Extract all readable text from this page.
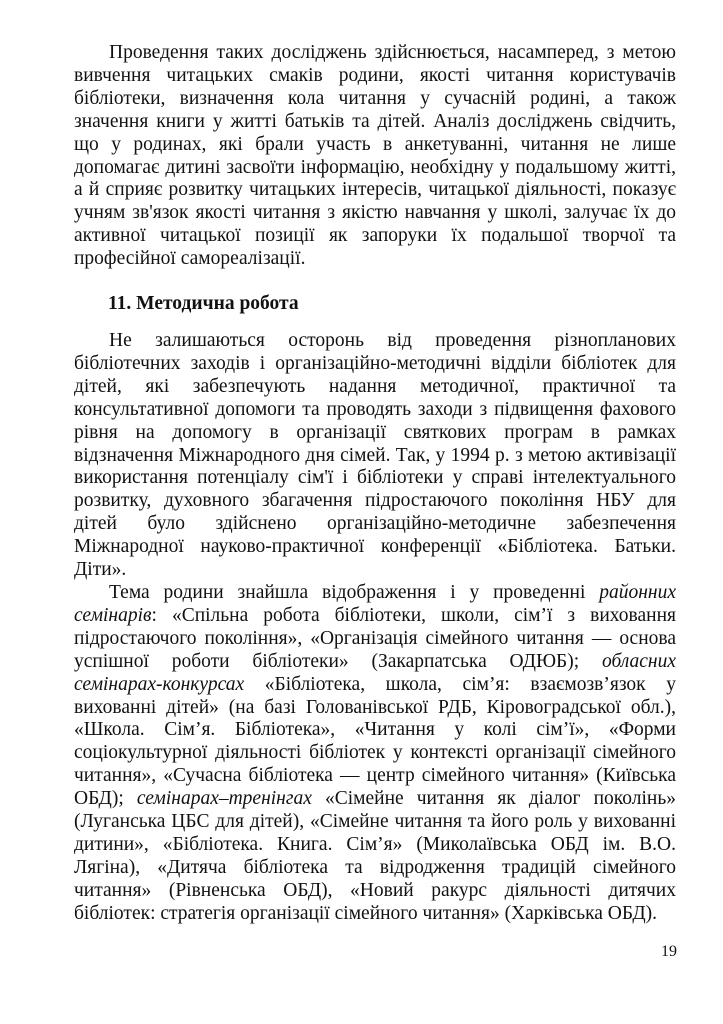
Проведення таких досліджень здійснюється, насамперед, з метою вивчення читацьких смаків родини, якості читання користувачів бібліотеки, визначення кола читання у сучасній родині, а також значення книги у житті батьків та дітей. Аналіз досліджень свідчить, що у родинах, які брали участь в анкетуванні, читання не лише допомагає дитині засвоїти інформацію, необхідну у подальшому житті, а й сприяє розвитку читацьких інтересів, читацької діяльності, показує учням зв'язок якості читання з якістю навчання у школі, залучає їх до активної читацької позиції як запоруки їх подальшої творчої та професійної самореалізації.

11. Методична робота

Не залишаються осторонь від проведення різнопланових бібліотечних заходів і організаційно-методичні відділи бібліотек для дітей, які забезпечують надання методичної, практичної та консультативної допомоги та проводять заходи з підвищення фахового рівня на допомогу в організації святкових програм в рамках відзначення Міжнародного дня сімей. Так, у 1994 р. з метою активізації використання потенціалу сім'ї і бібліотеки у справі інтелектуального розвитку, духовного збагачення підростаючого покоління НБУ для дітей було здійснено організаційно-методичне забезпечення Міжнародної науково-практичної конференції «Бібліотека. Батьки. Діти».

Тема родини знайшла відображення і у проведенні районних семінарів: «Спільна робота бібліотеки, школи, сім’ї з виховання підростаючого покоління», «Організація сімейного читання — основа успішної роботи бібліотеки» (Закарпатська ОДЮБ); обласних семінарах-конкурсах «Бібліотека, школа, сім’я: взаємозв’язок у вихованні дітей» (на базі Голованівської РДБ, Кіровоградської обл.), «Школа. Сім’я. Бібліотека», «Читання у колі сім’ї», «Форми соціокультурної діяльності бібліотек у контексті організації сімейного читання», «Сучасна бібліотека — центр сімейного читання» (Київська ОБД); семінарах–тренінгах «Сімейне читання як діалог поколінь» (Луганська ЦБС для дітей), «Сімейне читання та його роль у вихованні дитини», «Бібліотека. Книга. Сім’я» (Миколаївська ОБД ім. В.О. Лягіна), «Дитяча бібліотека та відродження традицій сімейного читання» (Рівненська ОБД), «Новий ракурс діяльності дитячих бібліотек: стратегія організації сімейного читання» (Харківська ОБД).

19
